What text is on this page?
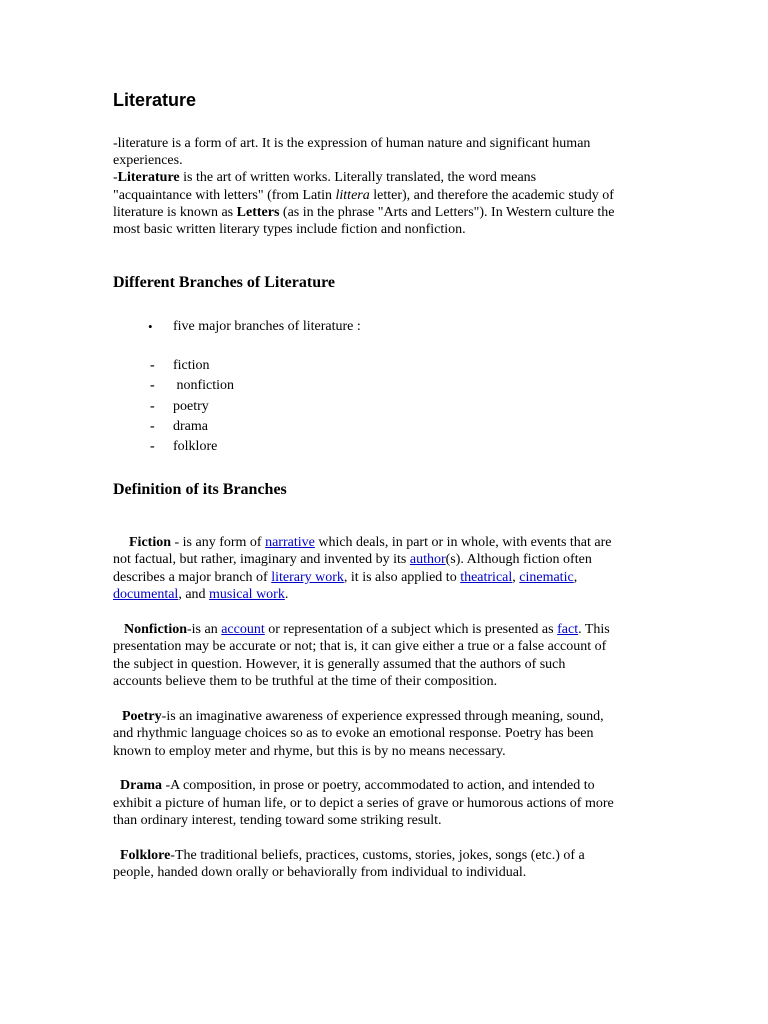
Literature
-literature is a form of art. It is the expression of human nature and significant human
experiences.
-Literature is the art of written works. Literally translated, the word means
"acquaintance with letters" (from Latin littera letter), and therefore the academic study of
literature is known as Letters (as in the phrase "Arts and Letters"). In Western culture the
most basic written literary types include fiction and nonfiction.
Different Branches of Literature
• five major branches of literature :
- fiction
- nonfiction
- poetry
- drama
- folklore
Definition of its Branches
Fiction - is any form of narrative which deals, in part or in whole, with events that are
not factual, but rather, imaginary and invented by its author(s). Although fiction often
describes a major branch of literary work, it is also applied to theatrical, cinematic,
documental, and musical work.
Nonfiction-is an account or representation of a subject which is presented as fact. This
presentation may be accurate or not; that is, it can give either a true or a false account of
the subject in question. However, it is generally assumed that the authors of such
accounts believe them to be truthful at the time of their composition.
Poetry-is an imaginative awareness of experience expressed through meaning, sound,
and rhythmic language choices so as to evoke an emotional response. Poetry has been
known to employ meter and rhyme, but this is by no means necessary.
Drama -A composition, in prose or poetry, accommodated to action, and intended to
exhibit a picture of human life, or to depict a series of grave or humorous actions of more
than ordinary interest, tending toward some striking result.
Folklore-The traditional beliefs, practices, customs, stories, jokes, songs (etc.) of a
people, handed down orally or behaviorally from individual to individual.
